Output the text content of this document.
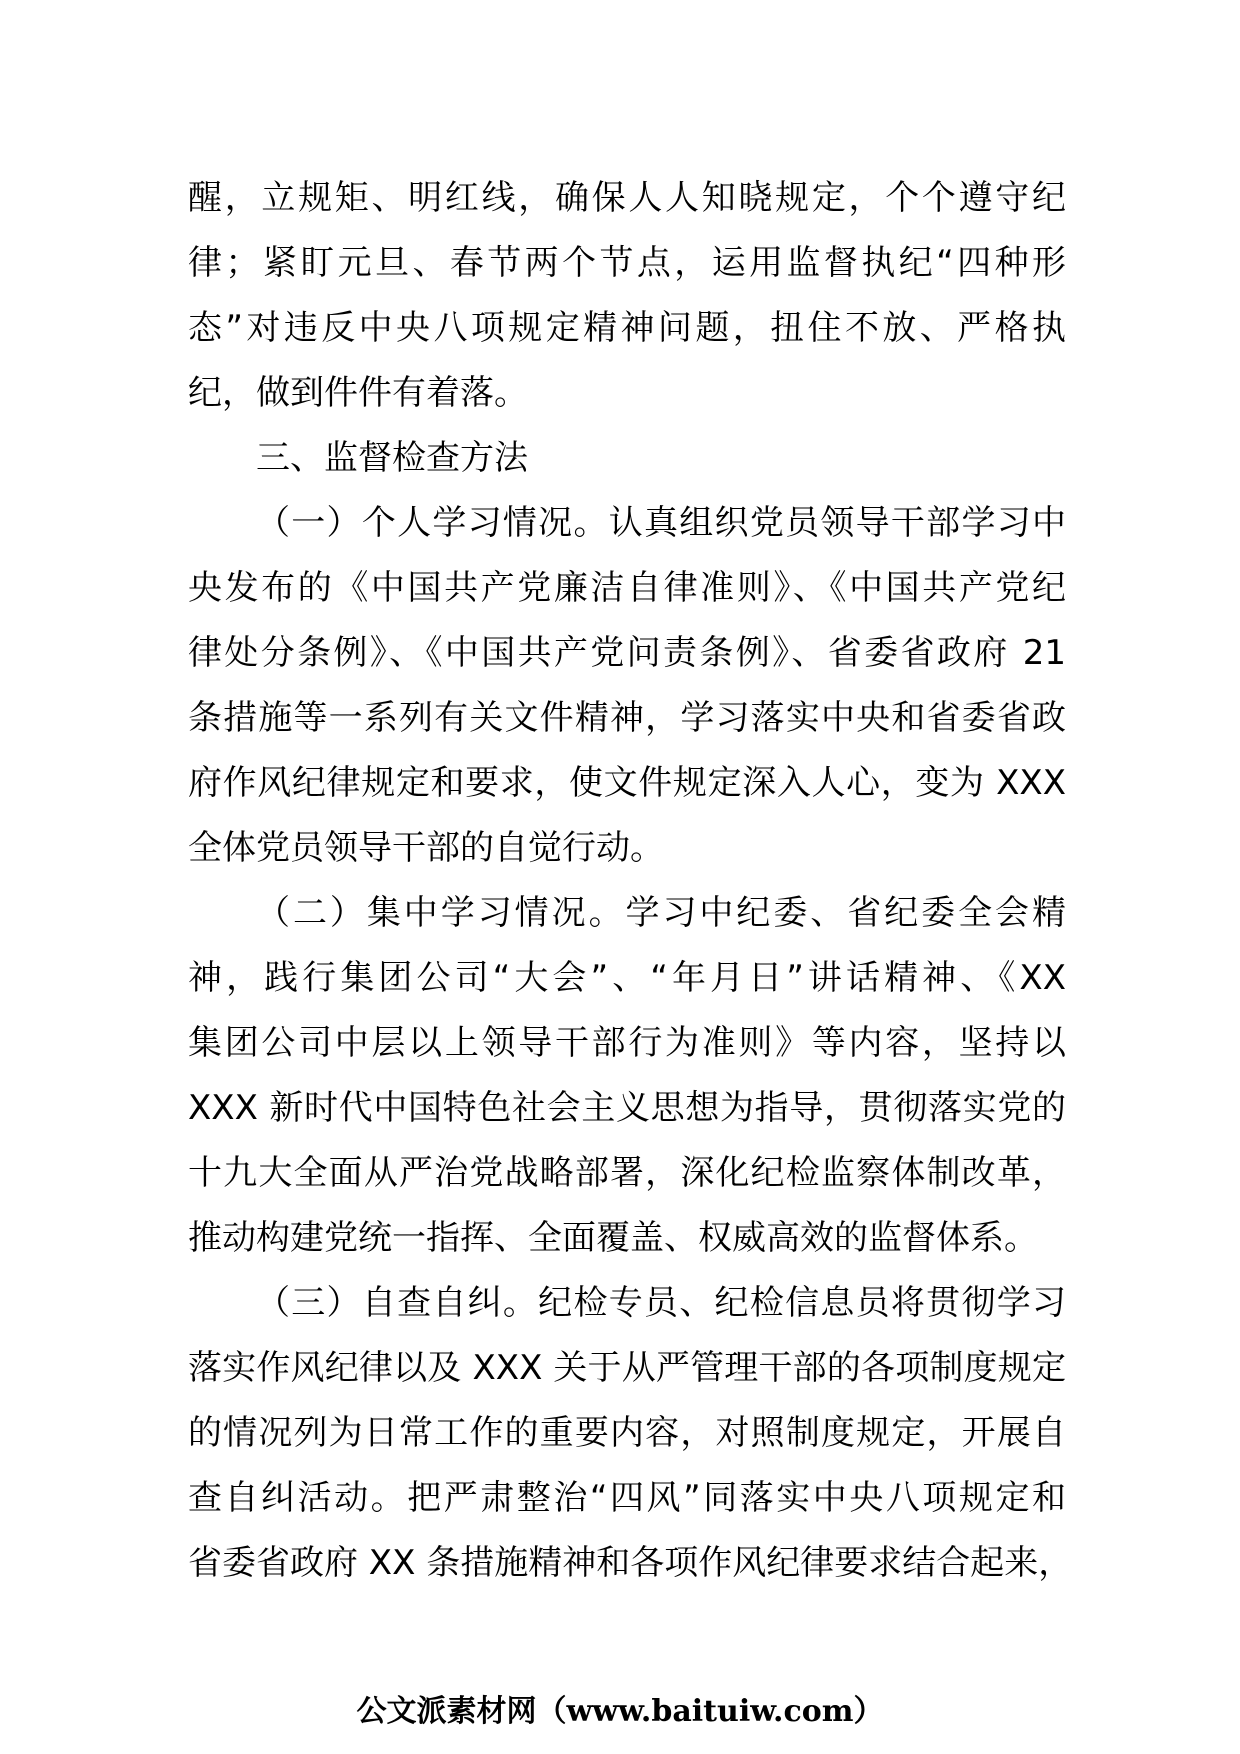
醒，立规矩、明红线，确保人人知晓规定，个个遵守纪
律；紧盯元旦、春节两个节点，运用监督执纪“四种形
态”对违反中央八项规定精神问题，扭住不放、严格执
纪，做到件件有着落。
三、监督检查方法
（一）个人学习情况。认真组织党员领导干部学习中
央发布的《中国共产党廉洁自律准则》、《中国共产党纪
律处分条例》、《中国共产党问责条例》、省委省政府 21
条措施等一系列有关文件精神，学习落实中央和省委省政
府作风纪律规定和要求，使文件规定深入人心，变为 XXX
全体党员领导干部的自觉行动。
（二）集中学习情况。学习中纪委、省纪委全会精
神，践行集团公司“大会”、“年月日”讲话精神、《XX
集团公司中层以上领导干部行为准则》等内容，坚持以
XXX 新时代中国特色社会主义思想为指导，贯彻落实党的
十九大全面从严治党战略部署，深化纪检监察体制改革，
推动构建党统一指挥、全面覆盖、权威高效的监督体系。
（三）自查自纠。纪检专员、纪检信息员将贯彻学习
落实作风纪律以及 XXX 关于从严管理干部的各项制度规定
的情况列为日常工作的重要内容，对照制度规定，开展自
查自纠活动。把严肃整治“四风”同落实中央八项规定和
省委省政府 XX 条措施精神和各项作风纪律要求结合起来，
公文派素材网（www.baituiw.com）
